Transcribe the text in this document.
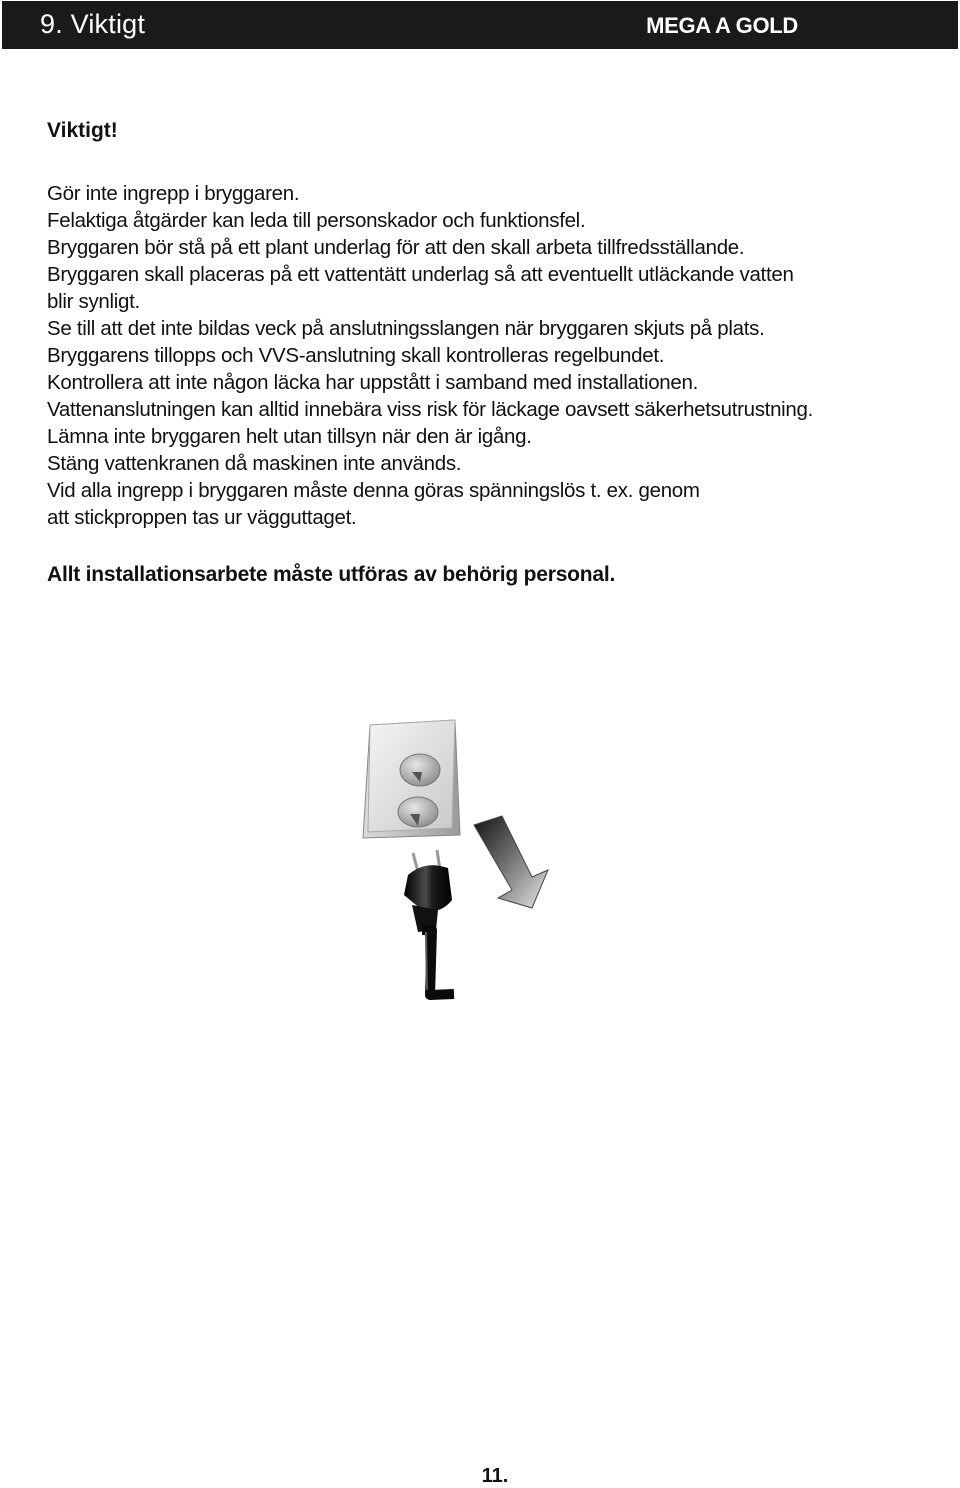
9. Viktigt	MEGA A GOLD
Viktigt!

Gör inte ingrepp i bryggaren.

Felaktiga åtgärder kan leda till personskador och funktionsfel.

Bryggaren bör stå på ett plant underlag för att den skall arbeta tillfredsställande.

Bryggaren skall placeras på ett vattentätt underlag så att eventuellt utläckande vatten

blir synligt.

Se till att det inte bildas veck på anslutningsslangen när bryggaren skjuts på plats.

Bryggarens tillopps och VVS-anslutning skall kontrolleras regelbundet.

Kontrollera att inte någon läcka har uppstått i samband med installationen.

Vattenanslutningen kan alltid innebära viss risk för läckage oavsett säkerhetsutrustning.

Lämna inte bryggaren helt utan tillsyn när den är igång.

Stäng vattenkranen då maskinen inte används.

Vid alla ingrepp i bryggaren måste denna göras spänningslös t. ex. genom

att stickproppen tas ur vägguttaget.

Allt installationsarbete måste utföras av behörig personal.

11.
